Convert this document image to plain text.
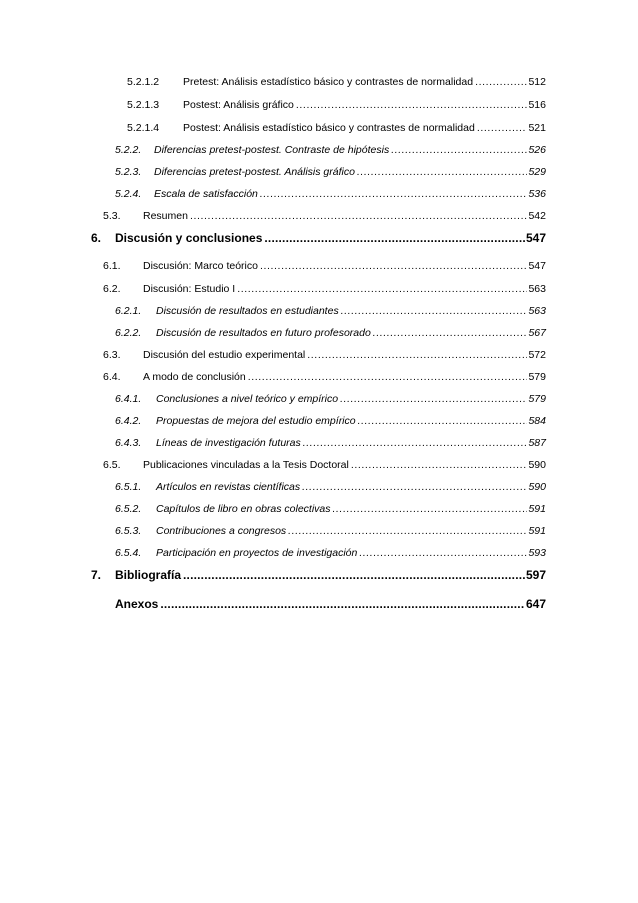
5.2.1.2	Pretest: Análisis estadístico básico y contrastes de normalidad .....	512
5.2.1.3	Postest: Análisis gráfico .....	516
5.2.1.4	Postest: Análisis estadístico básico y contrastes de normalidad .....	521
5.2.2.	Diferencias pretest-postest. Contraste de hipótesis .....	526
5.2.3.	Diferencias pretest-postest. Análisis gráfico .....	529
5.2.4.	Escala de satisfacción .....	536
5.3.	Resumen .....	542
6.	Discusión y conclusiones .....	547
6.1.	Discusión: Marco teórico .....	547
6.2.	Discusión: Estudio I .....	563
6.2.1.	Discusión de resultados en estudiantes .....	563
6.2.2.	Discusión de resultados en futuro profesorado .....	567
6.3.	Discusión del estudio experimental .....	572
6.4.	A modo de conclusión .....	579
6.4.1.	Conclusiones a nivel teórico y empírico .....	579
6.4.2.	Propuestas de mejora del estudio empírico .....	584
6.4.3.	Líneas de investigación futuras .....	587
6.5.	Publicaciones vinculadas a la Tesis Doctoral .....	590
6.5.1.	Artículos en revistas científicas .....	590
6.5.2.	Capítulos de libro en obras colectivas .....	591
6.5.3.	Contribuciones a congresos .....	591
6.5.4.	Participación en proyectos de investigación .....	593
7.	Bibliografía .....	597
Anexos .....	647
